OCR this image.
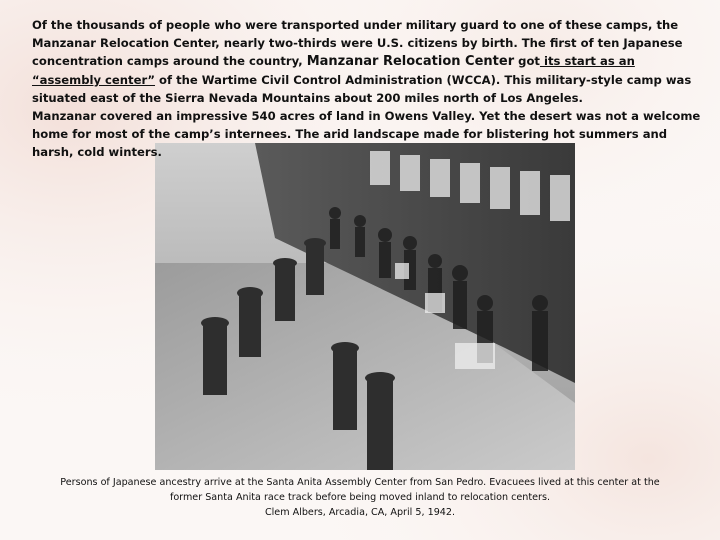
Of the thousands of people who were transported under military guard to one of these camps, the Manzanar Relocation Center, nearly two-thirds were U.S. citizens by birth. The first of ten Japanese concentration camps around the country, Manzanar Relocation Center got its start as an “assembly center” of the Wartime Civil Control Administration (WCCA). This military-style camp was situated east of the Sierra Nevada Mountains about 200 miles north of Los Angeles.

Manzanar covered an impressive 540 acres of land in Owens Valley. Yet the desert was not a welcome home for most of the camp’s internees. The arid landscape made for blistering hot summers and harsh, cold winters.

Persons of Japanese ancestry arrive at the Santa Anita Assembly Center from San Pedro. Evacuees lived at this center at the

former Santa Anita race track before being moved inland to relocation centers.

Clem Albers, Arcadia, CA, April 5, 1942.
